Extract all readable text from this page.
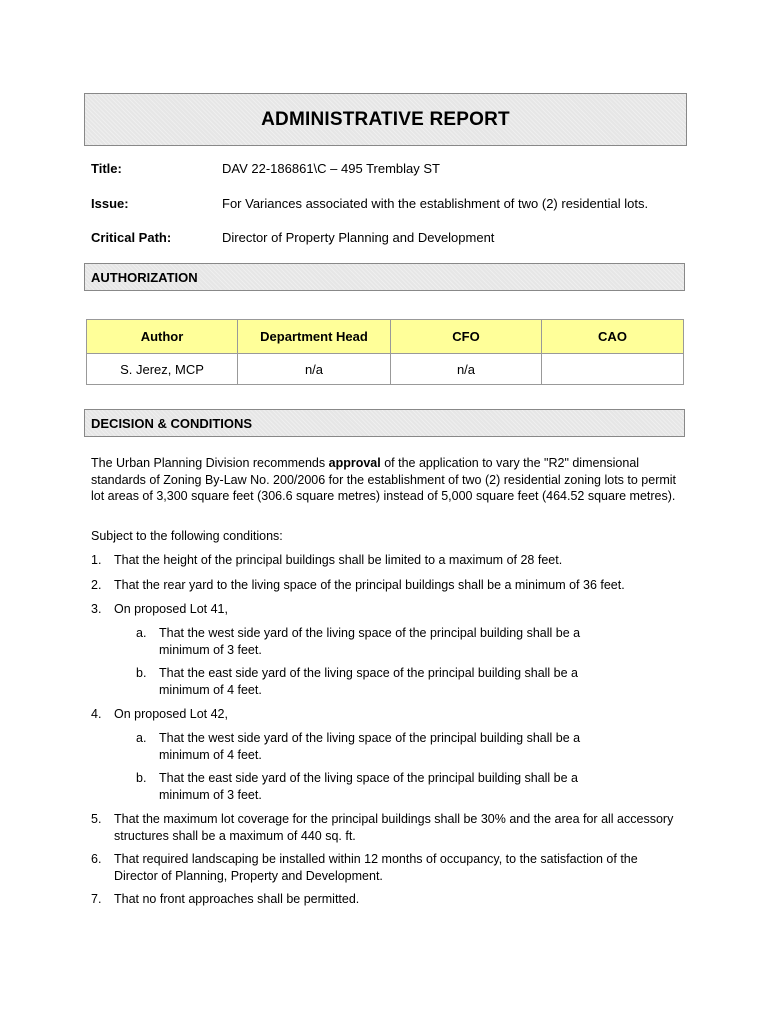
ADMINISTRATIVE REPORT
Title:	DAV 22-186861\C – 495 Tremblay ST
Issue:	For Variances associated with the establishment of two (2) residential lots.
Critical Path:	Director of Property Planning and Development
AUTHORIZATION
Author	Department Head	CFO	CAO
S. Jerez, MCP	n/a	n/a	
DECISION & CONDITIONS
The Urban Planning Division recommends approval of the application to vary the "R2" dimensional standards of Zoning By-Law No. 200/2006 for the establishment of two (2) residential zoning lots to permit lot areas of 3,300 square feet (306.6 square metres) instead of 5,000 square feet (464.52 square metres).
Subject to the following conditions:
1. That the height of the principal buildings shall be limited to a maximum of 28 feet.
2. That the rear yard to the living space of the principal buildings shall be a minimum of 36 feet.
3. On proposed Lot 41,
a. That the west side yard of the living space of the principal building shall be a minimum of 3 feet.
b. That the east side yard of the living space of the principal building shall be a minimum of 4 feet.
4. On proposed Lot 42,
a. That the west side yard of the living space of the principal building shall be a minimum of 4 feet.
b. That the east side yard of the living space of the principal building shall be a minimum of 3 feet.
5. That the maximum lot coverage for the principal buildings shall be 30% and the area for all accessory structures shall be a maximum of 440 sq. ft.
6. That required landscaping be installed within 12 months of occupancy, to the satisfaction of the Director of Planning, Property and Development.
7. That no front approaches shall be permitted.
